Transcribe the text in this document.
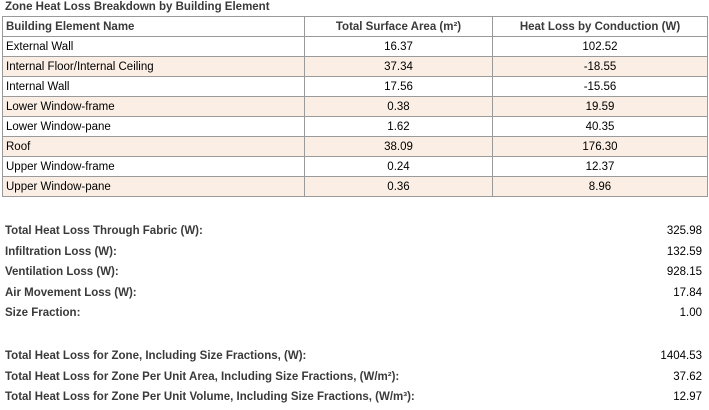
Zone Heat Loss Breakdown by Building Element
Building Element Name	Total Surface Area (m²)	Heat Loss by Conduction (W)
External Wall	16.37	102.52
Internal Floor/Internal Ceiling	37.34	-18.55
Internal Wall	17.56	-15.56
Lower Window-frame	0.38	19.59
Lower Window-pane	1.62	40.35
Roof	38.09	176.30
Upper Window-frame	0.24	12.37
Upper Window-pane	0.36	8.96
Total Heat Loss Through Fabric (W):	325.98
Infiltration Loss (W):	132.59
Ventilation Loss (W):	928.15
Air Movement Loss (W):	17.84
Size Fraction:	1.00
Total Heat Loss for Zone, Including Size Fractions, (W):	1404.53
Total Heat Loss for Zone Per Unit Area, Including Size Fractions, (W/m²):	37.62
Total Heat Loss for Zone Per Unit Volume, Including Size Fractions, (W/m³):	12.97
